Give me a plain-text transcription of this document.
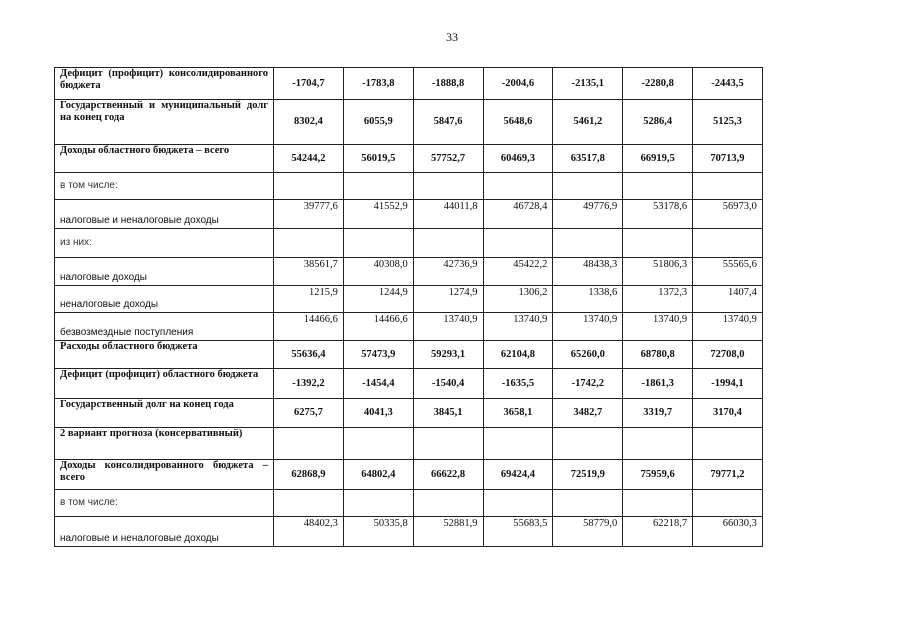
33
Дефицит (профицит) консолидированного бюджета	-1704,7	-1783,8	-1888,8	-2004,6	-2135,1	-2280,8	-2443,5
Государственный и муниципальный долг на конец года	8302,4	6055,9	5847,6	5648,6	5461,2	5286,4	5125,3
Доходы областного бюджета – всего	54244,2	56019,5	57752,7	60469,3	63517,8	66919,5	70713,9
в том числе:							
налоговые и неналоговые доходы	39777,6	41552,9	44011,8	46728,4	49776,9	53178,6	56973,0
из них:							
налоговые доходы	38561,7	40308,0	42736,9	45422,2	48438,3	51806,3	55565,6
неналоговые доходы	1215,9	1244,9	1274,9	1306,2	1338,6	1372,3	1407,4
безвозмездные поступления	14466,6	14466,6	13740,9	13740,9	13740,9	13740,9	13740,9
Расходы областного бюджета	55636,4	57473,9	59293,1	62104,8	65260,0	68780,8	72708,0
Дефицит (профицит) областного бюджета	-1392,2	-1454,4	-1540,4	-1635,5	-1742,2	-1861,3	-1994,1
Государственный долг на конец года	6275,7	4041,3	3845,1	3658,1	3482,7	3319,7	3170,4
2 вариант прогноза (консервативный)							
Доходы консолидированного бюджета – всего	62868,9	64802,4	66622,8	69424,4	72519,9	75959,6	79771,2
в том числе:							
налоговые и неналоговые доходы	48402,3	50335,8	52881,9	55683,5	58779,0	62218,7	66030,3
